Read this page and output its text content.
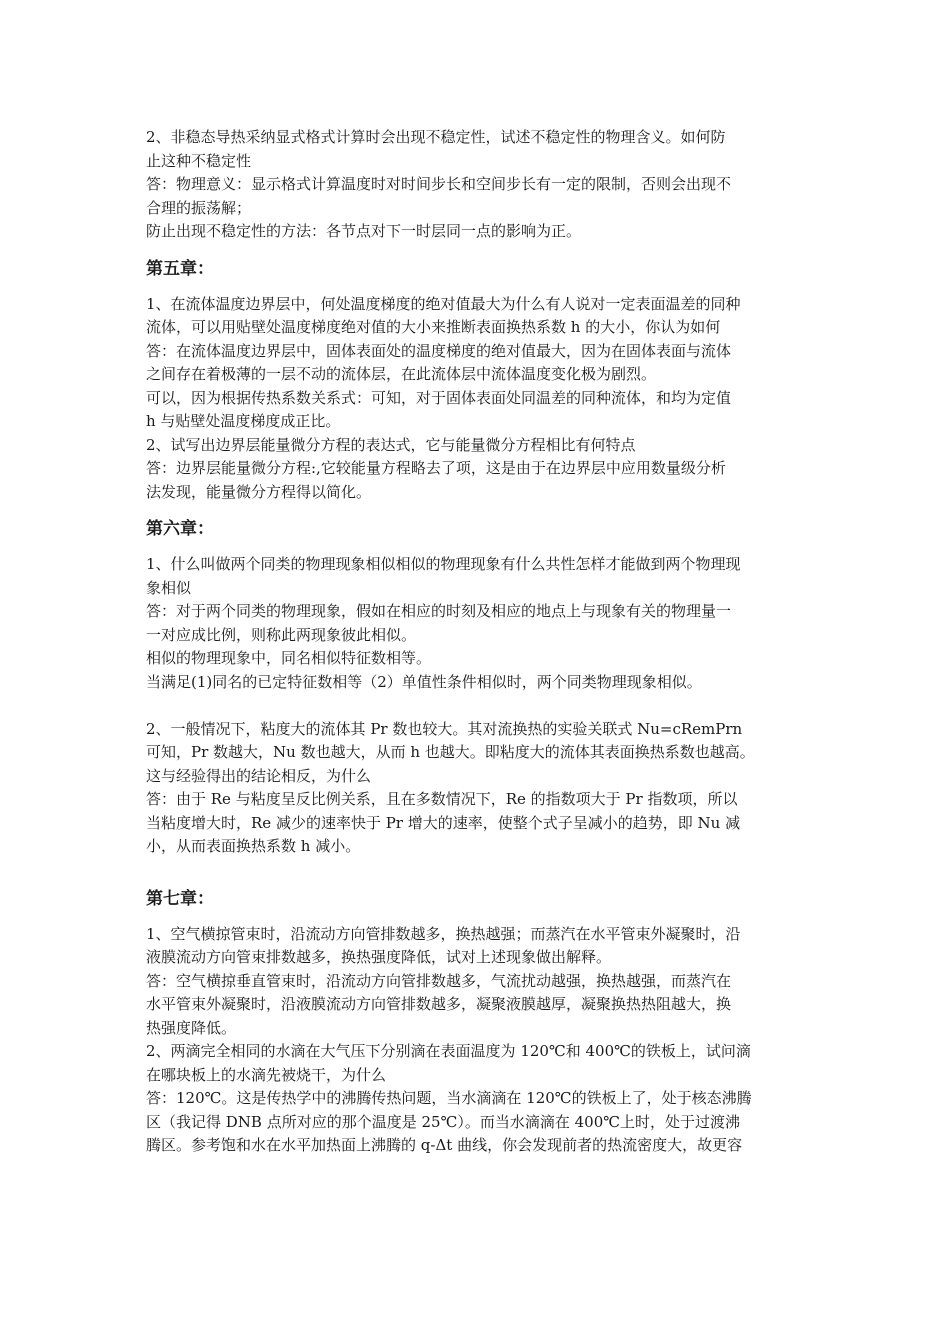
2、非稳态导热采纳显式格式计算时会出现不稳定性，试述不稳定性的物理含义。如何防
止这种不稳定性
答：物理意义：显示格式计算温度时对时间步长和空间步长有一定的限制，否则会出现不
合理的振荡解；
防止出现不稳定性的方法：各节点对下一时层同一点的影响为正。
第五章：
1、在流体温度边界层中，何处温度梯度的绝对值最大为什么有人说对一定表面温差的同种
流体，可以用贴壁处温度梯度绝对值的大小来推断表面换热系数 h 的大小，你认为如何
答：在流体温度边界层中，固体表面处的温度梯度的绝对值最大，因为在固体表面与流体
之间存在着极薄的一层不动的流体层，在此流体层中流体温度变化极为剧烈。
可以，因为根据传热系数关系式：可知，对于固体表面处同温差的同种流体，和均为定值
h 与贴壁处温度梯度成正比。
2、试写出边界层能量微分方程的表达式，它与能量微分方程相比有何特点
答：边界层能量微分方程:,它较能量方程略去了项，这是由于在边界层中应用数量级分析
法发现，能量微分方程得以简化。
第六章：
1、什么叫做两个同类的物理现象相似相似的物理现象有什么共性怎样才能做到两个物理现
象相似
答：对于两个同类的物理现象，假如在相应的时刻及相应的地点上与现象有关的物理量一
一对应成比例，则称此两现象彼此相似。
相似的物理现象中，同名相似特征数相等。
当满足(1)同名的已定特征数相等（2）单值性条件相似时，两个同类物理现象相似。
2、一般情况下，粘度大的流体其 Pr 数也较大。其对流换热的实验关联式 Nu=cRemPrn
可知，Pr 数越大，Nu 数也越大，从而 h 也越大。即粘度大的流体其表面换热系数也越高。
这与经验得出的结论相反，为什么
答：由于 Re 与粘度呈反比例关系，且在多数情况下，Re 的指数项大于 Pr 指数项，所以
当粘度增大时，Re 减少的速率快于 Pr 增大的速率，使整个式子呈减小的趋势，即 Nu 减
小，从而表面换热系数 h 减小。
第七章：
1、空气横掠管束时，沿流动方向管排数越多，换热越强；而蒸汽在水平管束外凝聚时，沿
液膜流动方向管束排数越多，换热强度降低，试对上述现象做出解释。
答：空气横掠垂直管束时，沿流动方向管排数越多，气流扰动越强，换热越强，而蒸汽在
水平管束外凝聚时，沿液膜流动方向管排数越多，凝聚液膜越厚，凝聚换热热阻越大，换
热强度降低。
2、两滴完全相同的水滴在大气压下分别滴在表面温度为 120℃和 400℃的铁板上，试问滴
在哪块板上的水滴先被烧干，为什么
答：120℃。这是传热学中的沸腾传热问题，当水滴滴在 120℃的铁板上了，处于核态沸腾
区（我记得 DNB 点所对应的那个温度是 25℃）。而当水滴滴在 400℃上时，处于过渡沸
腾区。参考饱和水在水平加热面上沸腾的 q-Δt 曲线，你会发现前者的热流密度大，故更容
